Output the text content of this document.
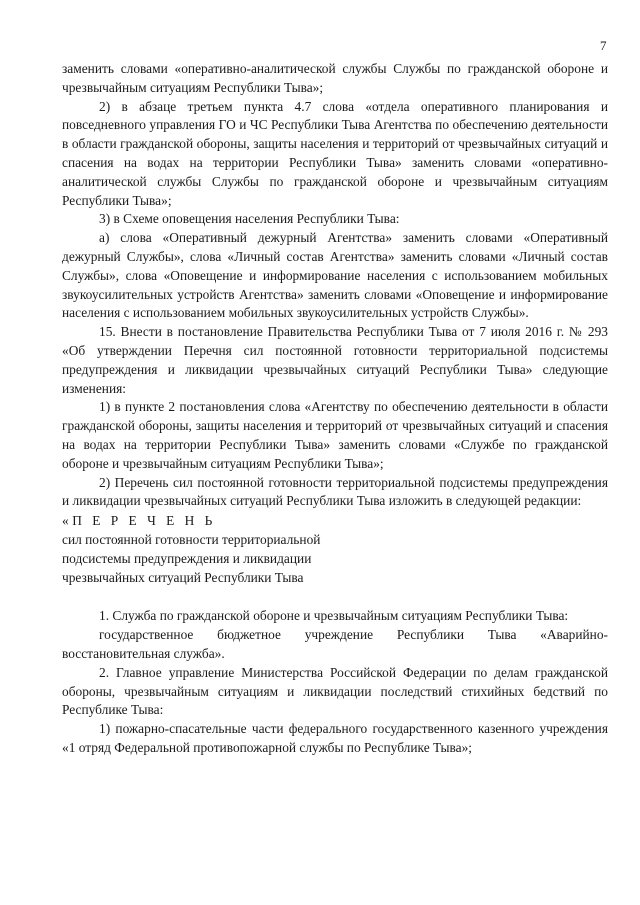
7

заменить словами «оперативно-аналитической службы Службы по гражданской обороне и чрезвычайным ситуациям Республики Тыва»;

2) в абзаце третьем пункта 4.7 слова «отдела оперативного планирования и повседневного управления ГО и ЧС Республики Тыва Агентства по обеспечению деятельности в области гражданской обороны, защиты населения и территорий от чрезвычайных ситуаций и спасения на водах на территории Республики Тыва» заменить словами «оперативно-аналитической службы Службы по гражданской обороне и чрезвычайным ситуациям Республики Тыва»;

3) в Схеме оповещения населения Республики Тыва:

а) слова «Оперативный дежурный Агентства» заменить словами «Оперативный дежурный Службы», слова «Личный состав Агентства» заменить словами «Личный состав Службы», слова «Оповещение и информирование населения с использованием мобильных звукоусилительных устройств Агентства» заменить словами «Оповещение и информирование населения с использованием мобильных звукоусилительных устройств Службы».

15. Внести в постановление Правительства Республики Тыва от 7 июля 2016 г. № 293 «Об утверждении Перечня сил постоянной готовности территориальной подсистемы предупреждения и ликвидации чрезвычайных ситуаций Республики Тыва» следующие изменения:

1) в пункте 2 постановления слова «Агентству по обеспечению деятельности в области гражданской обороны, защиты населения и территорий от чрезвычайных ситуаций и спасения на водах на территории Республики Тыва» заменить словами «Службе по гражданской обороне и чрезвычайным ситуациям Республики Тыва»;

2) Перечень сил постоянной готовности территориальной подсистемы предупреждения и ликвидации чрезвычайных ситуаций Республики Тыва изложить в следующей редакции:

«П Е Р Е Ч Е Н Ь

сил постоянной готовности территориальной

подсистемы предупреждения и ликвидации

чрезвычайных ситуаций Республики Тыва

1. Служба по гражданской обороне и чрезвычайным ситуациям Республики Тыва:

государственное бюджетное учреждение Республики Тыва «Аварийно-восстановительная служба».

2. Главное управление Министерства Российской Федерации по делам гражданской обороны, чрезвычайным ситуациям и ликвидации последствий стихийных бедствий по Республике Тыва:

1) пожарно-спасательные части федерального государственного казенного учреждения «1 отряд Федеральной противопожарной службы по Республике Тыва»;
